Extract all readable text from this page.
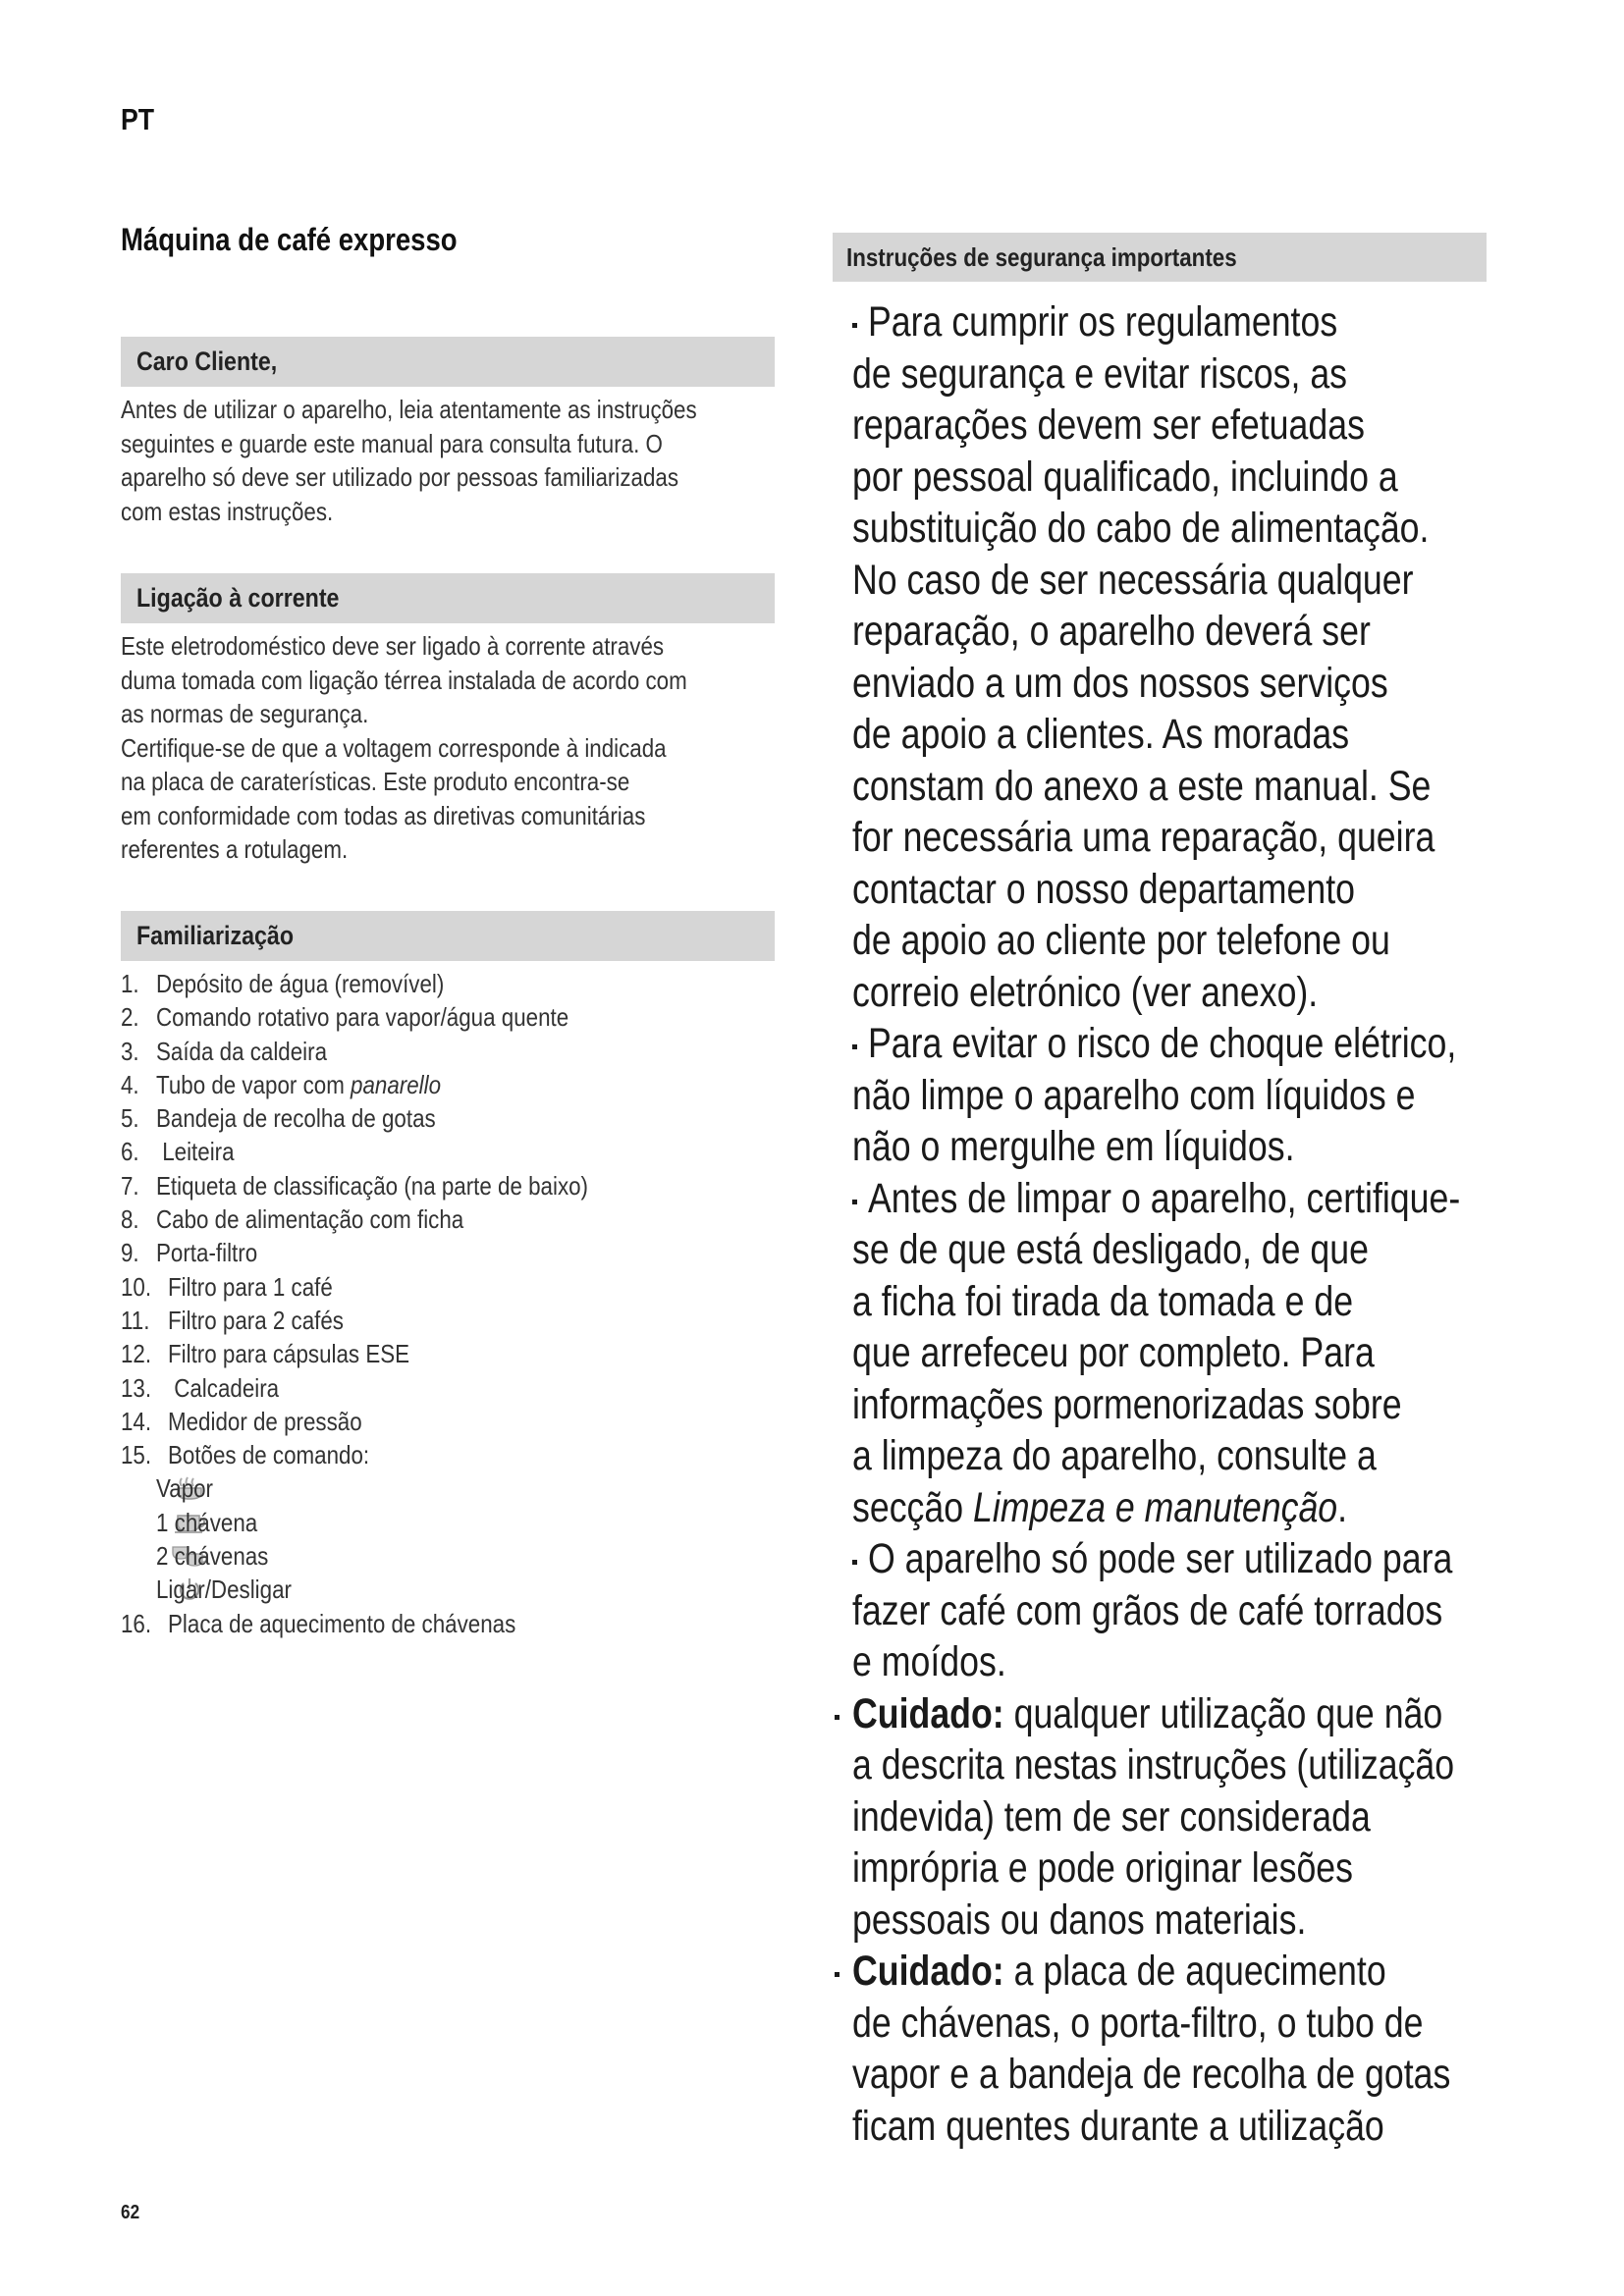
PT
Máquina de café expresso
Caro Cliente,
Antes de utilizar o aparelho, leia atentamente as instruções
seguintes e guarde este manual para consulta futura. O
aparelho só deve ser utilizado por pessoas familiarizadas
com estas instruções.
Ligação à corrente
Este eletrodoméstico deve ser ligado à corrente através
duma tomada com ligação térrea instalada de acordo com
as normas de segurança.
Certifique-se de que a voltagem corresponde à indicada
na placa de caraterísticas. Este produto encontra-se
em conformidade com todas as diretivas comunitárias
referentes a rotulagem.
Familiarização
1. Depósito de água (removível)
2. Comando rotativo para vapor/água quente
3. Saída da caldeira
4. Tubo de vapor com panarello
5. Bandeja de recolha de gotas
6. Leiteira
7. Etiqueta de classificação (na parte de baixo)
8. Cabo de alimentação com ficha
9. Porta-filtro
10. Filtro para 1 café
11. Filtro para 2 cafés
12. Filtro para cápsulas ESE
13. Calcadeira
14. Medidor de pressão
15. Botões de comando:
Vapor
1 chávena
2 chávenas
Ligar/Desligar
16. Placa de aquecimento de chávenas
Instruções de segurança importantes
Para cumprir os regulamentos
de segurança e evitar riscos, as
reparações devem ser efetuadas
por pessoal qualificado, incluindo a
substituição do cabo de alimentação.
No caso de ser necessária qualquer
reparação, o aparelho deverá ser
enviado a um dos nossos serviços
de apoio a clientes. As moradas
constam do anexo a este manual. Se
for necessária uma reparação, queira
contactar o nosso departamento
de apoio ao cliente por telefone ou
correio eletrónico (ver anexo).
Para evitar o risco de choque elétrico,
não limpe o aparelho com líquidos e
não o mergulhe em líquidos.
Antes de limpar o aparelho, certifique-
se de que está desligado, de que
a ficha foi tirada da tomada e de
que arrefeceu por completo. Para
informações pormenorizadas sobre
a limpeza do aparelho, consulte a
secção Limpeza e manutenção.
O aparelho só pode ser utilizado para
fazer café com grãos de café torrados
e moídos.
Cuidado: qualquer utilização que não
a descrita nestas instruções (utilização
indevida) tem de ser considerada
imprópria e pode originar lesões
pessoais ou danos materiais.
Cuidado: a placa de aquecimento
de chávenas, o porta-filtro, o tubo de
vapor e a bandeja de recolha de gotas
ficam quentes durante a utilização
62
